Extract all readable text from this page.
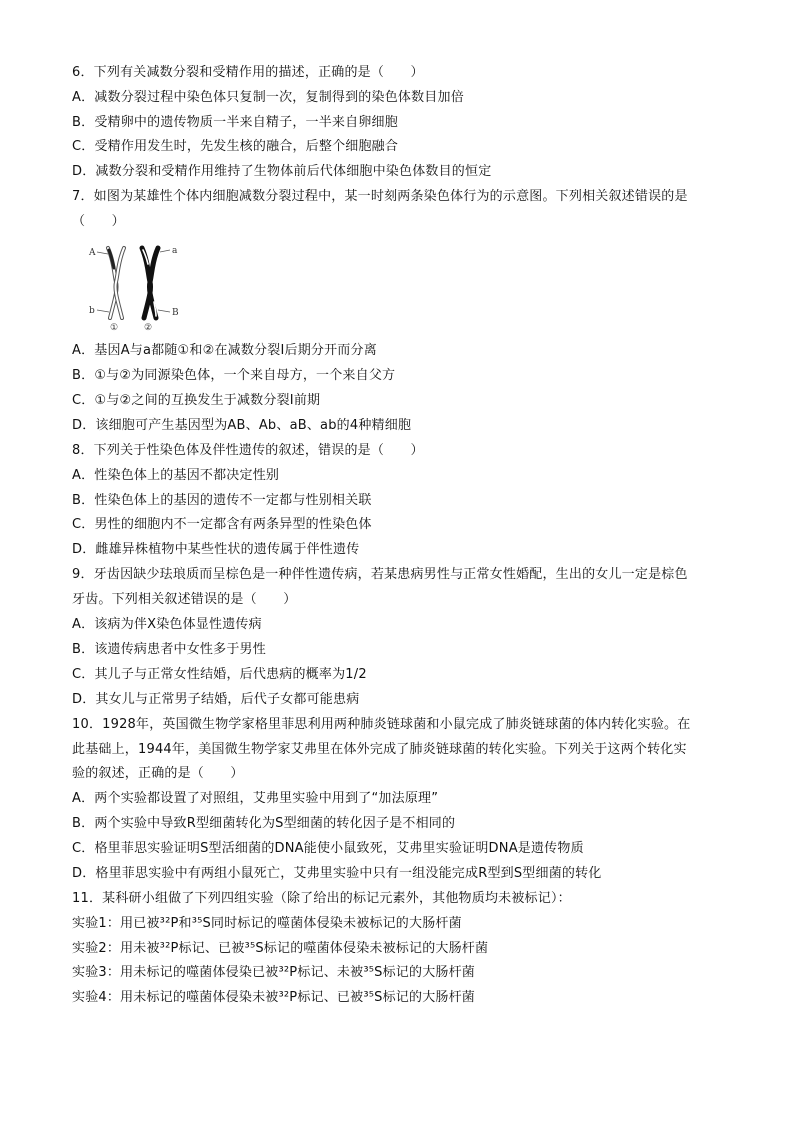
6．下列有关减数分裂和受精作用的描述，正确的是（　　）
A．减数分裂过程中染色体只复制一次，复制得到的染色体数目加倍
B．受精卵中的遗传物质一半来自精子，一半来自卵细胞
C．受精作用发生时，先发生核的融合，后整个细胞融合
D．减数分裂和受精作用维持了生物体前后代体细胞中染色体数目的恒定
7．如图为某雄性个体内细胞减数分裂过程中，某一时刻两条染色体行为的示意图。下列相关叙述错误的是
（　　）
A
b
a
B
①	②
A．基因A与a都随①和②在减数分裂Ⅰ后期分开而分离
B．①与②为同源染色体，一个来自母方，一个来自父方
C．①与②之间的互换发生于减数分裂Ⅰ前期
D．该细胞可产生基因型为AB、Ab、aB、ab的4种精细胞
8．下列关于性染色体及伴性遗传的叙述，错误的是（　　）
A．性染色体上的基因不都决定性别
B．性染色体上的基因的遗传不一定都与性别相关联
C．男性的细胞内不一定都含有两条异型的性染色体
D．雌雄异株植物中某些性状的遗传属于伴性遗传
9．牙齿因缺少珐琅质而呈棕色是一种伴性遗传病，若某患病男性与正常女性婚配，生出的女儿一定是棕色
牙齿。下列相关叙述错误的是（　　）
A．该病为伴X染色体显性遗传病
B．该遗传病患者中女性多于男性
C．其儿子与正常女性结婚，后代患病的概率为1/2
D．其女儿与正常男子结婚，后代子女都可能患病
10．1928年，英国微生物学家格里菲思利用两种肺炎链球菌和小鼠完成了肺炎链球菌的体内转化实验。在
此基础上，1944年，美国微生物学家艾弗里在体外完成了肺炎链球菌的转化实验。下列关于这两个转化实
验的叙述，正确的是（　　）
A．两个实验都设置了对照组，艾弗里实验中用到了“加法原理”
B．两个实验中导致R型细菌转化为S型细菌的转化因子是不相同的
C．格里菲思实验证明S型活细菌的DNA能使小鼠致死，艾弗里实验证明DNA是遗传物质
D．格里菲思实验中有两组小鼠死亡，艾弗里实验中只有一组没能完成R型到S型细菌的转化
11．某科研小组做了下列四组实验（除了给出的标记元素外，其他物质均未被标记）：
实验1：用已被³²P和³⁵S同时标记的噬菌体侵染未被标记的大肠杆菌
实验2：用未被³²P标记、已被³⁵S标记的噬菌体侵染未被标记的大肠杆菌
实验3：用未标记的噬菌体侵染已被³²P标记、未被³⁵S标记的大肠杆菌
实验4：用未标记的噬菌体侵染未被³²P标记、已被³⁵S标记的大肠杆菌
